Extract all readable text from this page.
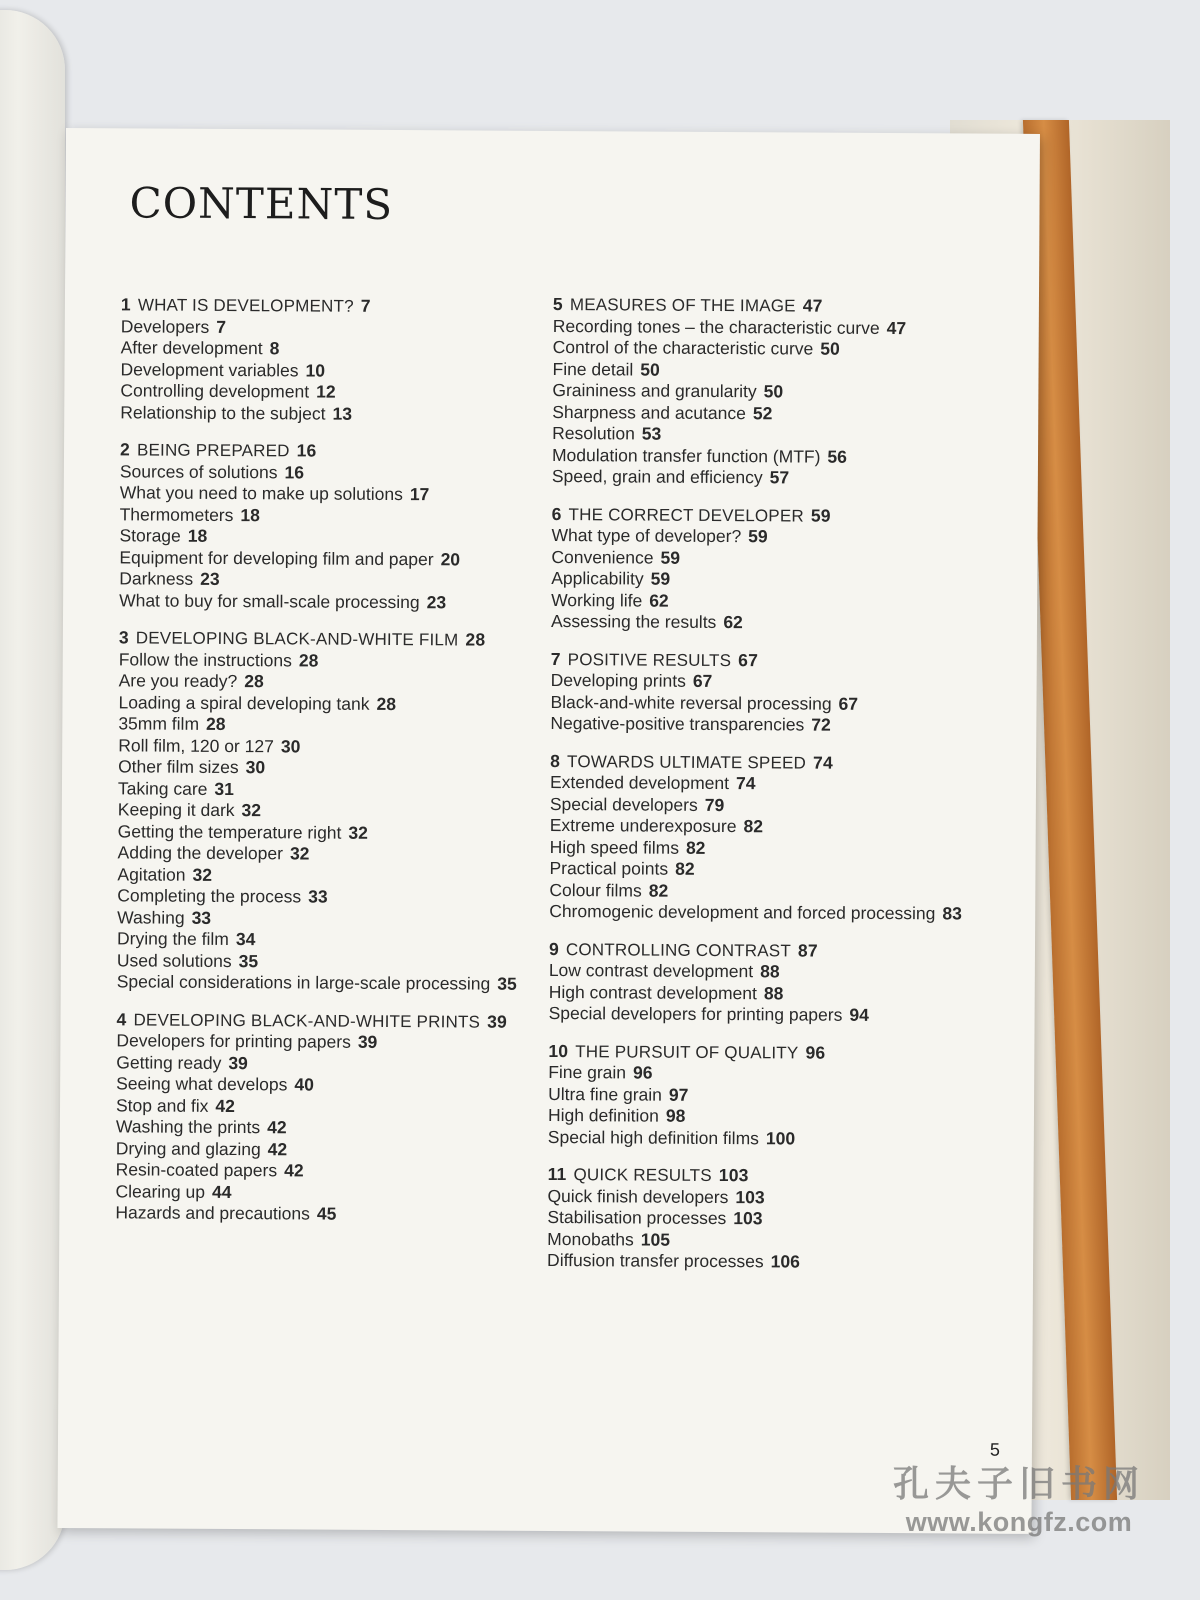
CONTENTS
1 WHAT IS DEVELOPMENT? 7
Developers 7
After development 8
Development variables 10
Controlling development 12
Relationship to the subject 13
2 BEING PREPARED 16
Sources of solutions 16
What you need to make up solutions 17
Thermometers 18
Storage 18
Equipment for developing film and paper 20
Darkness 23
What to buy for small-scale processing 23
3 DEVELOPING BLACK-AND-WHITE FILM 28
Follow the instructions 28
Are you ready? 28
Loading a spiral developing tank 28
35mm film 28
Roll film, 120 or 127 30
Other film sizes 30
Taking care 31
Keeping it dark 32
Getting the temperature right 32
Adding the developer 32
Agitation 32
Completing the process 33
Washing 33
Drying the film 34
Used solutions 35
Special considerations in large-scale processing 35
4 DEVELOPING BLACK-AND-WHITE PRINTS 39
Developers for printing papers 39
Getting ready 39
Seeing what develops 40
Stop and fix 42
Washing the prints 42
Drying and glazing 42
Resin-coated papers 42
Clearing up 44
Hazards and precautions 45
5 MEASURES OF THE IMAGE 47
Recording tones – the characteristic curve 47
Control of the characteristic curve 50
Fine detail 50
Graininess and granularity 50
Sharpness and acutance 52
Resolution 53
Modulation transfer function (MTF) 56
Speed, grain and efficiency 57
6 THE CORRECT DEVELOPER 59
What type of developer? 59
Convenience 59
Applicability 59
Working life 62
Assessing the results 62
7 POSITIVE RESULTS 67
Developing prints 67
Black-and-white reversal processing 67
Negative-positive transparencies 72
8 TOWARDS ULTIMATE SPEED 74
Extended development 74
Special developers 79
Extreme underexposure 82
High speed films 82
Practical points 82
Colour films 82
Chromogenic development and forced processing 83
9 CONTROLLING CONTRAST 87
Low contrast development 88
High contrast development 88
Special developers for printing papers 94
10 THE PURSUIT OF QUALITY 96
Fine grain 96
Ultra fine grain 97
High definition 98
Special high definition films 100
11 QUICK RESULTS 103
Quick finish developers 103
Stabilisation processes 103
Monobaths 105
Diffusion transfer processes 106
5
孔夫子旧书网
www.kongfz.com
